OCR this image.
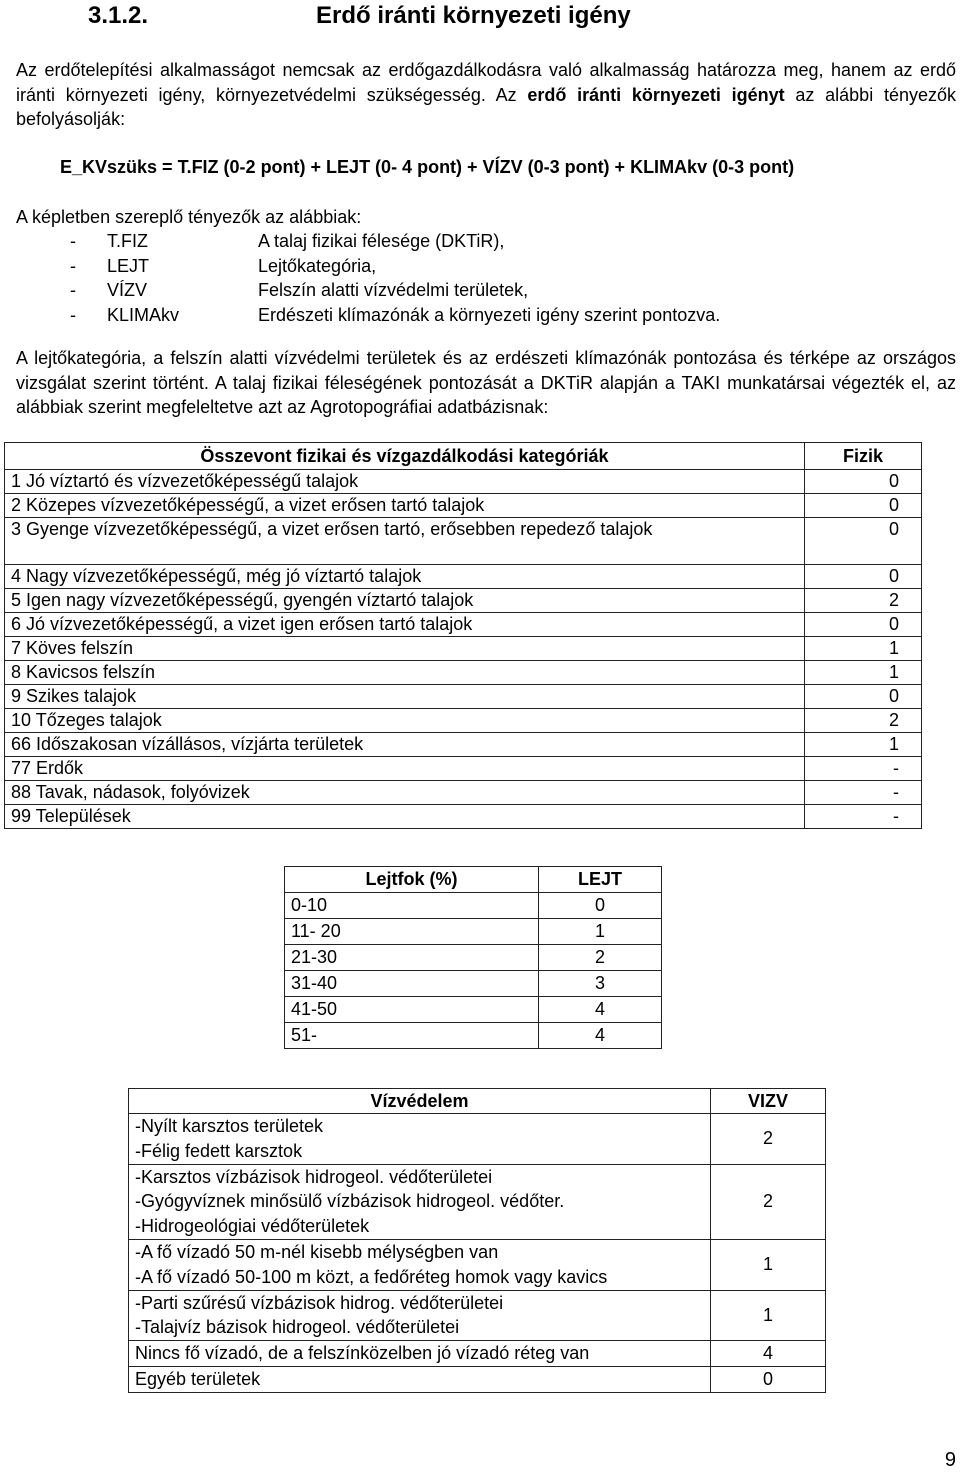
3.1.2.	Erdő iránti környezeti igény
Az erdőtelepítési alkalmasságot nemcsak az erdőgazdálkodásra való alkalmasság határozza meg, hanem az erdő iránti környezeti igény, környezetvédelmi szükségesség. Az erdő iránti környezeti igényt az alábbi tényezők befolyásolják:
E_KVszüks = T.FIZ (0-2 pont) + LEJT (0- 4 pont) + VÍZV (0-3 pont) + KLIMAkv (0-3 pont)
A képletben szereplő tényezők az alábbiak:
- T.FIZ	A talaj fizikai félesége (DKTiR),
- LEJT	Lejtőkategória,
- VÍZV	Felszín alatti vízvédelmi területek,
- KLIMAkv	Erdészeti klímazónák a környezeti igény szerint pontozva.
A lejtőkategória, a felszín alatti vízvédelmi területek és az erdészeti klímazónák pontozása és térképe az országos vizsgálat szerint történt. A talaj fizikai féleségének pontozását a DKTiR alapján a TAKI munkatársai végezték el, az alábbiak szerint megfeleltetve azt az Agrotopográfiai adatbázisnak:
Összevont fizikai és vízgazdálkodási kategóriák	Fizik
1 Jó víztartó és vízvezetőképességű talajok	0
2 Közepes vízvezetőképességű, a vizet erősen tartó talajok	0
3 Gyenge vízvezetőképességű, a vizet erősen tartó, erősebben repedező talajok	0
4 Nagy vízvezetőképességű, még jó víztartó talajok	0
5 Igen nagy vízvezetőképességű, gyengén víztartó talajok	2
6 Jó vízvezetőképességű, a vizet igen erősen tartó talajok	0
7 Köves felszín	1
8 Kavicsos felszín	1
9 Szikes talajok	0
10 Tőzeges talajok	2
66 Időszakosan vízállásos, vízjárta területek	1
77 Erdők	-
88 Tavak, nádasok, folyóvizek	-
99 Települések	-
Lejtfok (%)	LEJT
0-10	0
11- 20	1
21-30	2
31-40	3
41-50	4
51-	4
Vízvédelem	VIZV

-Nyílt karsztos területek
-Félig fedett karsztok	2

-Karsztos vízbázisok hidrogeol. védőterületei
-Gyógyvíznek minősülő vízbázisok hidrogeol. védőter.
-Hidrogeológiai védőterületek	2

-A fő vízadó 50 m-nél kisebb mélységben van
-A fő vízadó 50-100 m közt, a fedőréteg homok vagy kavics	1

-Parti szűrésű vízbázisok hidrog. védőterületei
-Talajvíz bázisok hidrogeol. védőterületei	1

Nincs fő vízadó, de a felszínközelben jó vízadó réteg van	4

Egyéb területek	0
9
